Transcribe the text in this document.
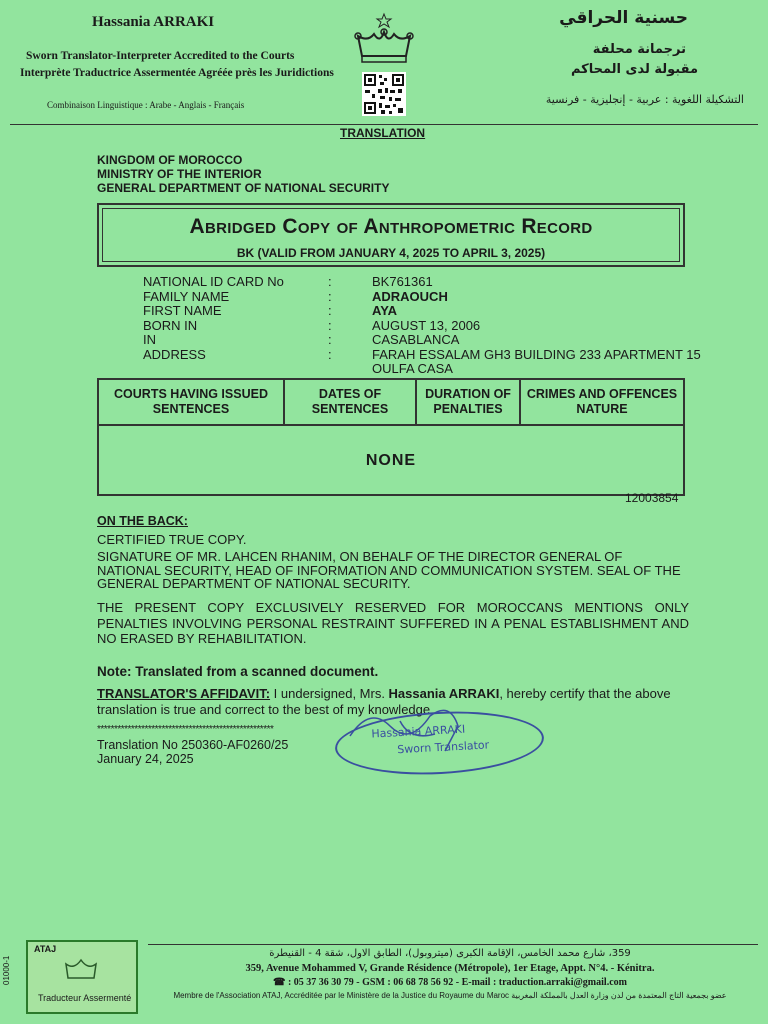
Hassania ARRAKI
Sworn Translator-Interpreter Accredited to the Courts
Interprète Traductrice Assermentée Agréée près les Juridictions
Combinaison Linguistique : Arabe - Anglais - Français
حسنية الحراقي
ترجمانة محلفة
مقبولة لدى المحاكم
التشكيلة اللغوية : عربية - إنجليزية - فرنسية
TRANSLATION
KINGDOM OF MOROCCO
MINISTRY OF THE INTERIOR
GENERAL DEPARTMENT OF NATIONAL SECURITY
Abridged Copy of Anthropometric Record
BK (VALID FROM JANUARY 4, 2025 TO APRIL 3, 2025)
NATIONAL ID CARD No	:	BK761361
FAMILY NAME	:	ADRAOUCH
FIRST NAME	:	AYA
BORN IN	:	AUGUST 13, 2006
IN	:	CASABLANCA
ADDRESS	:	FARAH ESSALAM GH3 BUILDING 233 APARTMENT 15 OULFA CASA
COURTS HAVING ISSUED SENTENCES	DATES OF SENTENCES	DURATION OF PENALTIES	CRIMES AND OFFENCES NATURE
NONE
12003854
ON THE BACK:
CERTIFIED TRUE COPY.
SIGNATURE OF MR. LAHCEN RHANIM, ON BEHALF OF THE DIRECTOR GENERAL OF NATIONAL SECURITY, HEAD OF INFORMATION AND COMMUNICATION SYSTEM. SEAL OF THE GENERAL DEPARTMENT OF NATIONAL SECURITY.
THE PRESENT COPY EXCLUSIVELY RESERVED FOR MOROCCANS MENTIONS ONLY PENALTIES INVOLVING PERSONAL RESTRAINT SUFFERED IN A PENAL ESTABLISHMENT AND NO ERASED BY REHABILITATION.
Note: Translated from a scanned document.
TRANSLATOR'S AFFIDAVIT: I undersigned, Mrs. Hassania ARRAKI, hereby certify that the above translation is true and correct to the best of my knowledge.
Hassania ARRAKI
Sworn Translator
****************************************************
Translation No 250360-AF0260/25
January 24, 2025
ATAJ
Traducteur Assermenté
359، شارع محمد الخامس، الإقامة الكبرى (ميتروبول)، الطابق الاول، شقة 4 - القنيطرة
359, Avenue Mohammed V, Grande Résidence (Métropole), 1er Etage, Appt. N°4. - Kénitra.
☎ : 05 37 36 30 79 - GSM : 06 68 78 56 92 - E-mail : traduction.arraki@gmail.com
Membre de l'Association ATAJ, Accréditée par le Ministère de la Justice du Royaume du Maroc عضو بجمعية التاج المعتمدة من لدن وزارة العدل بالمملكة المغربية
01000-1
